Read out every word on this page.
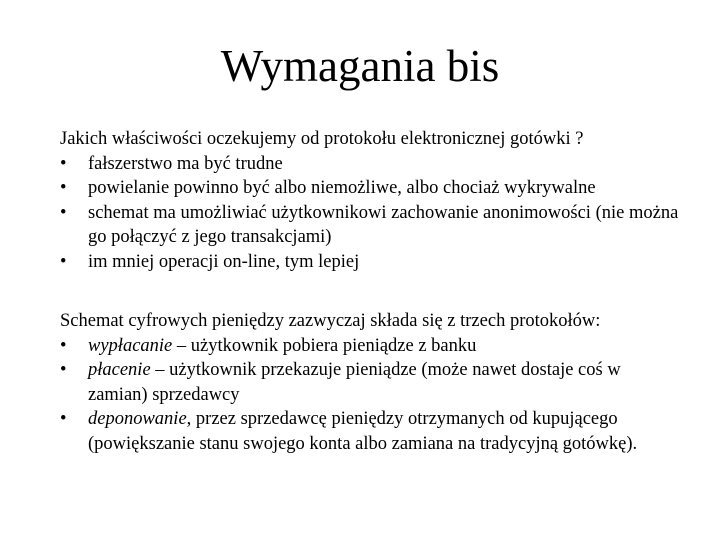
Wymagania bis

Jakich właściwości oczekujemy od protokołu elektronicznej gotówki ?

• fałszerstwo ma być trudne
• powielanie powinno być albo niemożliwe, albo chociaż wykrywalne
• schemat ma umożliwiać użytkownikowi zachowanie anonimowości (nie można go połączyć z jego transakcjami)
• im mniej operacji on-line, tym lepiej

Schemat cyfrowych pieniędzy zazwyczaj składa się z trzech protokołów:

• wypłacanie – użytkownik pobiera pieniądze z banku
• płacenie – użytkownik przekazuje pieniądze (może nawet dostaje coś w zamian) sprzedawcy
• deponowanie, przez sprzedawcę pieniędzy otrzymanych od kupującego (powiększanie stanu swojego konta albo zamiana na tradycyjną gotówkę).
